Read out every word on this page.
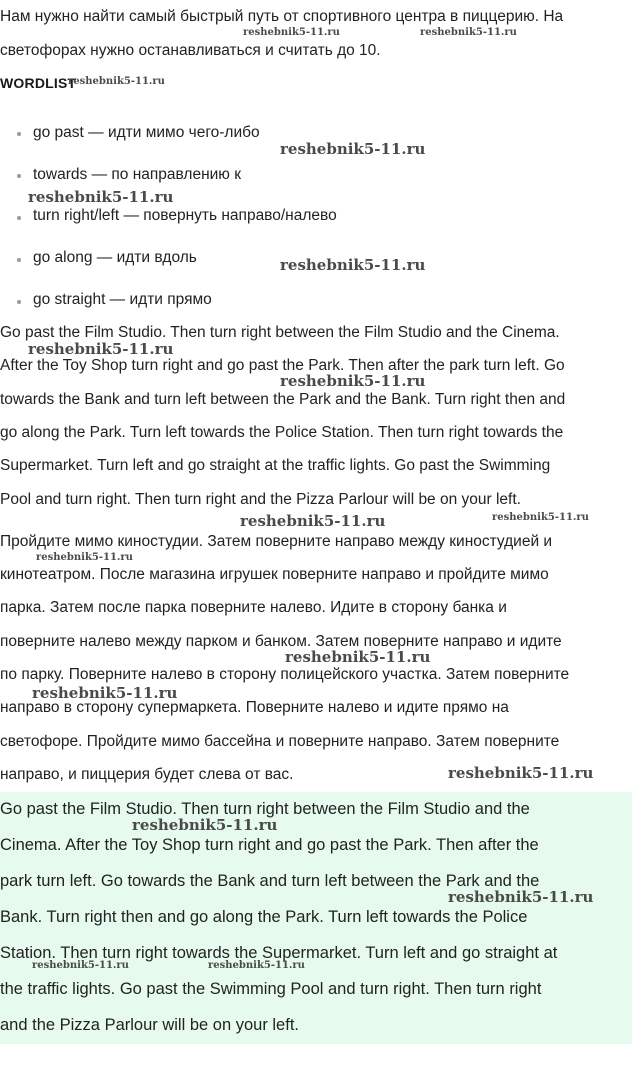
Нам нужно найти самый быстрый путь от спортивного центра в пиццерию. На
светофорах нужно останавливаться и считать до 10.
WORDLIST
go past — идти мимо чего-либо
towards — по направлению к
turn right/left — повернуть направо/налево
go along — идти вдоль
go straight — идти прямо
Go past the Film Studio. Then turn right between the Film Studio and the Cinema.
After the Toy Shop turn right and go past the Park. Then after the park turn left. Go
towards the Bank and turn left between the Park and the Bank. Turn right then and
go along the Park. Turn left towards the Police Station. Then turn right towards the
Supermarket. Turn left and go straight at the traffic lights. Go past the Swimming
Pool and turn right. Then turn right and the Pizza Parlour will be on your left.
Пройдите мимо киностудии. Затем поверните направо между киностудией и
кинотеатром. После магазина игрушек поверните направо и пройдите мимо
парка. Затем после парка поверните налево. Идите в сторону банка и
поверните налево между парком и банком. Затем поверните направо и идите
по парку. Поверните налево в сторону полицейского участка. Затем поверните
направо в сторону супермаркета. Поверните налево и идите прямо на
светофоре. Пройдите мимо бассейна и поверните направо. Затем поверните
направо, и пиццерия будет слева от вас.
Go past the Film Studio. Then turn right between the Film Studio and the
Cinema. After the Toy Shop turn right and go past the Park. Then after the
park turn left. Go towards the Bank and turn left between the Park and the
Bank. Turn right then and go along the Park. Turn left towards the Police
Station. Then turn right towards the Supermarket. Turn left and go straight at
the traffic lights. Go past the Swimming Pool and turn right. Then turn right
and the Pizza Parlour will be on your left.
reshebnik5-11.ru	reshebnik5-11.ru
reshebnik5-11.ru
reshebnik5-11.ru
reshebnik5-11.ru
reshebnik5-11.ru
reshebnik5-11.ru
reshebnik5-11.ru
reshebnik5-11.ru	reshebnik5-11.ru
reshebnik5-11.ru
reshebnik5-11.ru
reshebnik5-11.ru
reshebnik5-11.ru
reshebnik5-11.ru
reshebnik5-11.ru
reshebnik5-11.ru	reshebnik5-11.ru
